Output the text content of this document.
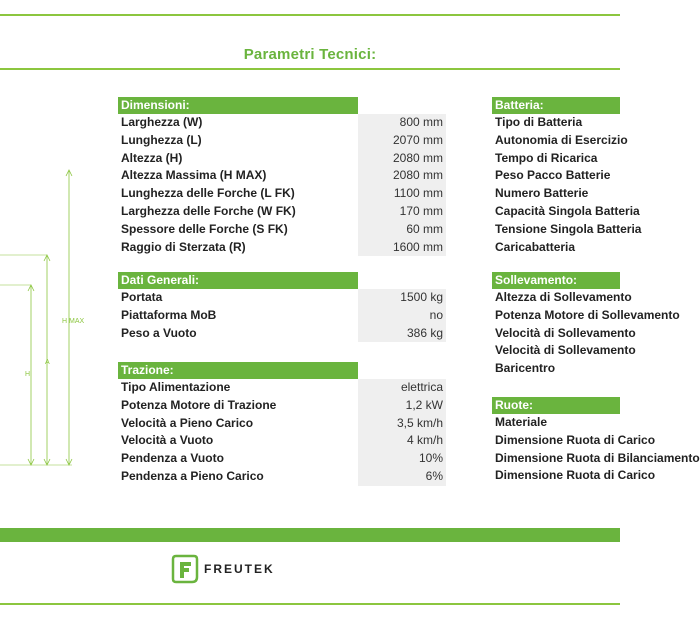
Parametri Tecnici:
H MAX
A
H
Dimensioni:
Larghezza (W)	800 mm
Lunghezza (L)	2070 mm
Altezza (H)	2080 mm
Altezza Massima (H MAX)	2080 mm
Lunghezza delle Forche (L FK)	1100 mm
Larghezza delle Forche (W FK)	170 mm
Spessore delle Forche (S FK)	60 mm
Raggio di Sterzata (R)	1600 mm
Dati Generali:
Portata	1500 kg
Piattaforma MoB	no
Peso a Vuoto	386 kg
Trazione:
Tipo Alimentazione	elettrica
Potenza Motore di Trazione	1,2 kW
Velocità a Pieno Carico	3,5 km/h
Velocità a Vuoto	4 km/h
Pendenza a Vuoto	10%
Pendenza a Pieno Carico	6%
Batteria:
Tipo di Batteria
Autonomia di Esercizio
Tempo di Ricarica
Peso Pacco Batterie
Numero Batterie
Capacità Singola Batteria
Tensione Singola Batteria
Caricabatteria
Sollevamento:
Altezza di Sollevamento
Potenza Motore di Sollevamento
Velocità di Sollevamento
Velocità di Sollevamento
Baricentro
Ruote:
Materiale
Dimensione Ruota di Carico
Dimensione Ruota di Bilanciamento
Dimensione Ruota di Carico
FREUTEK
